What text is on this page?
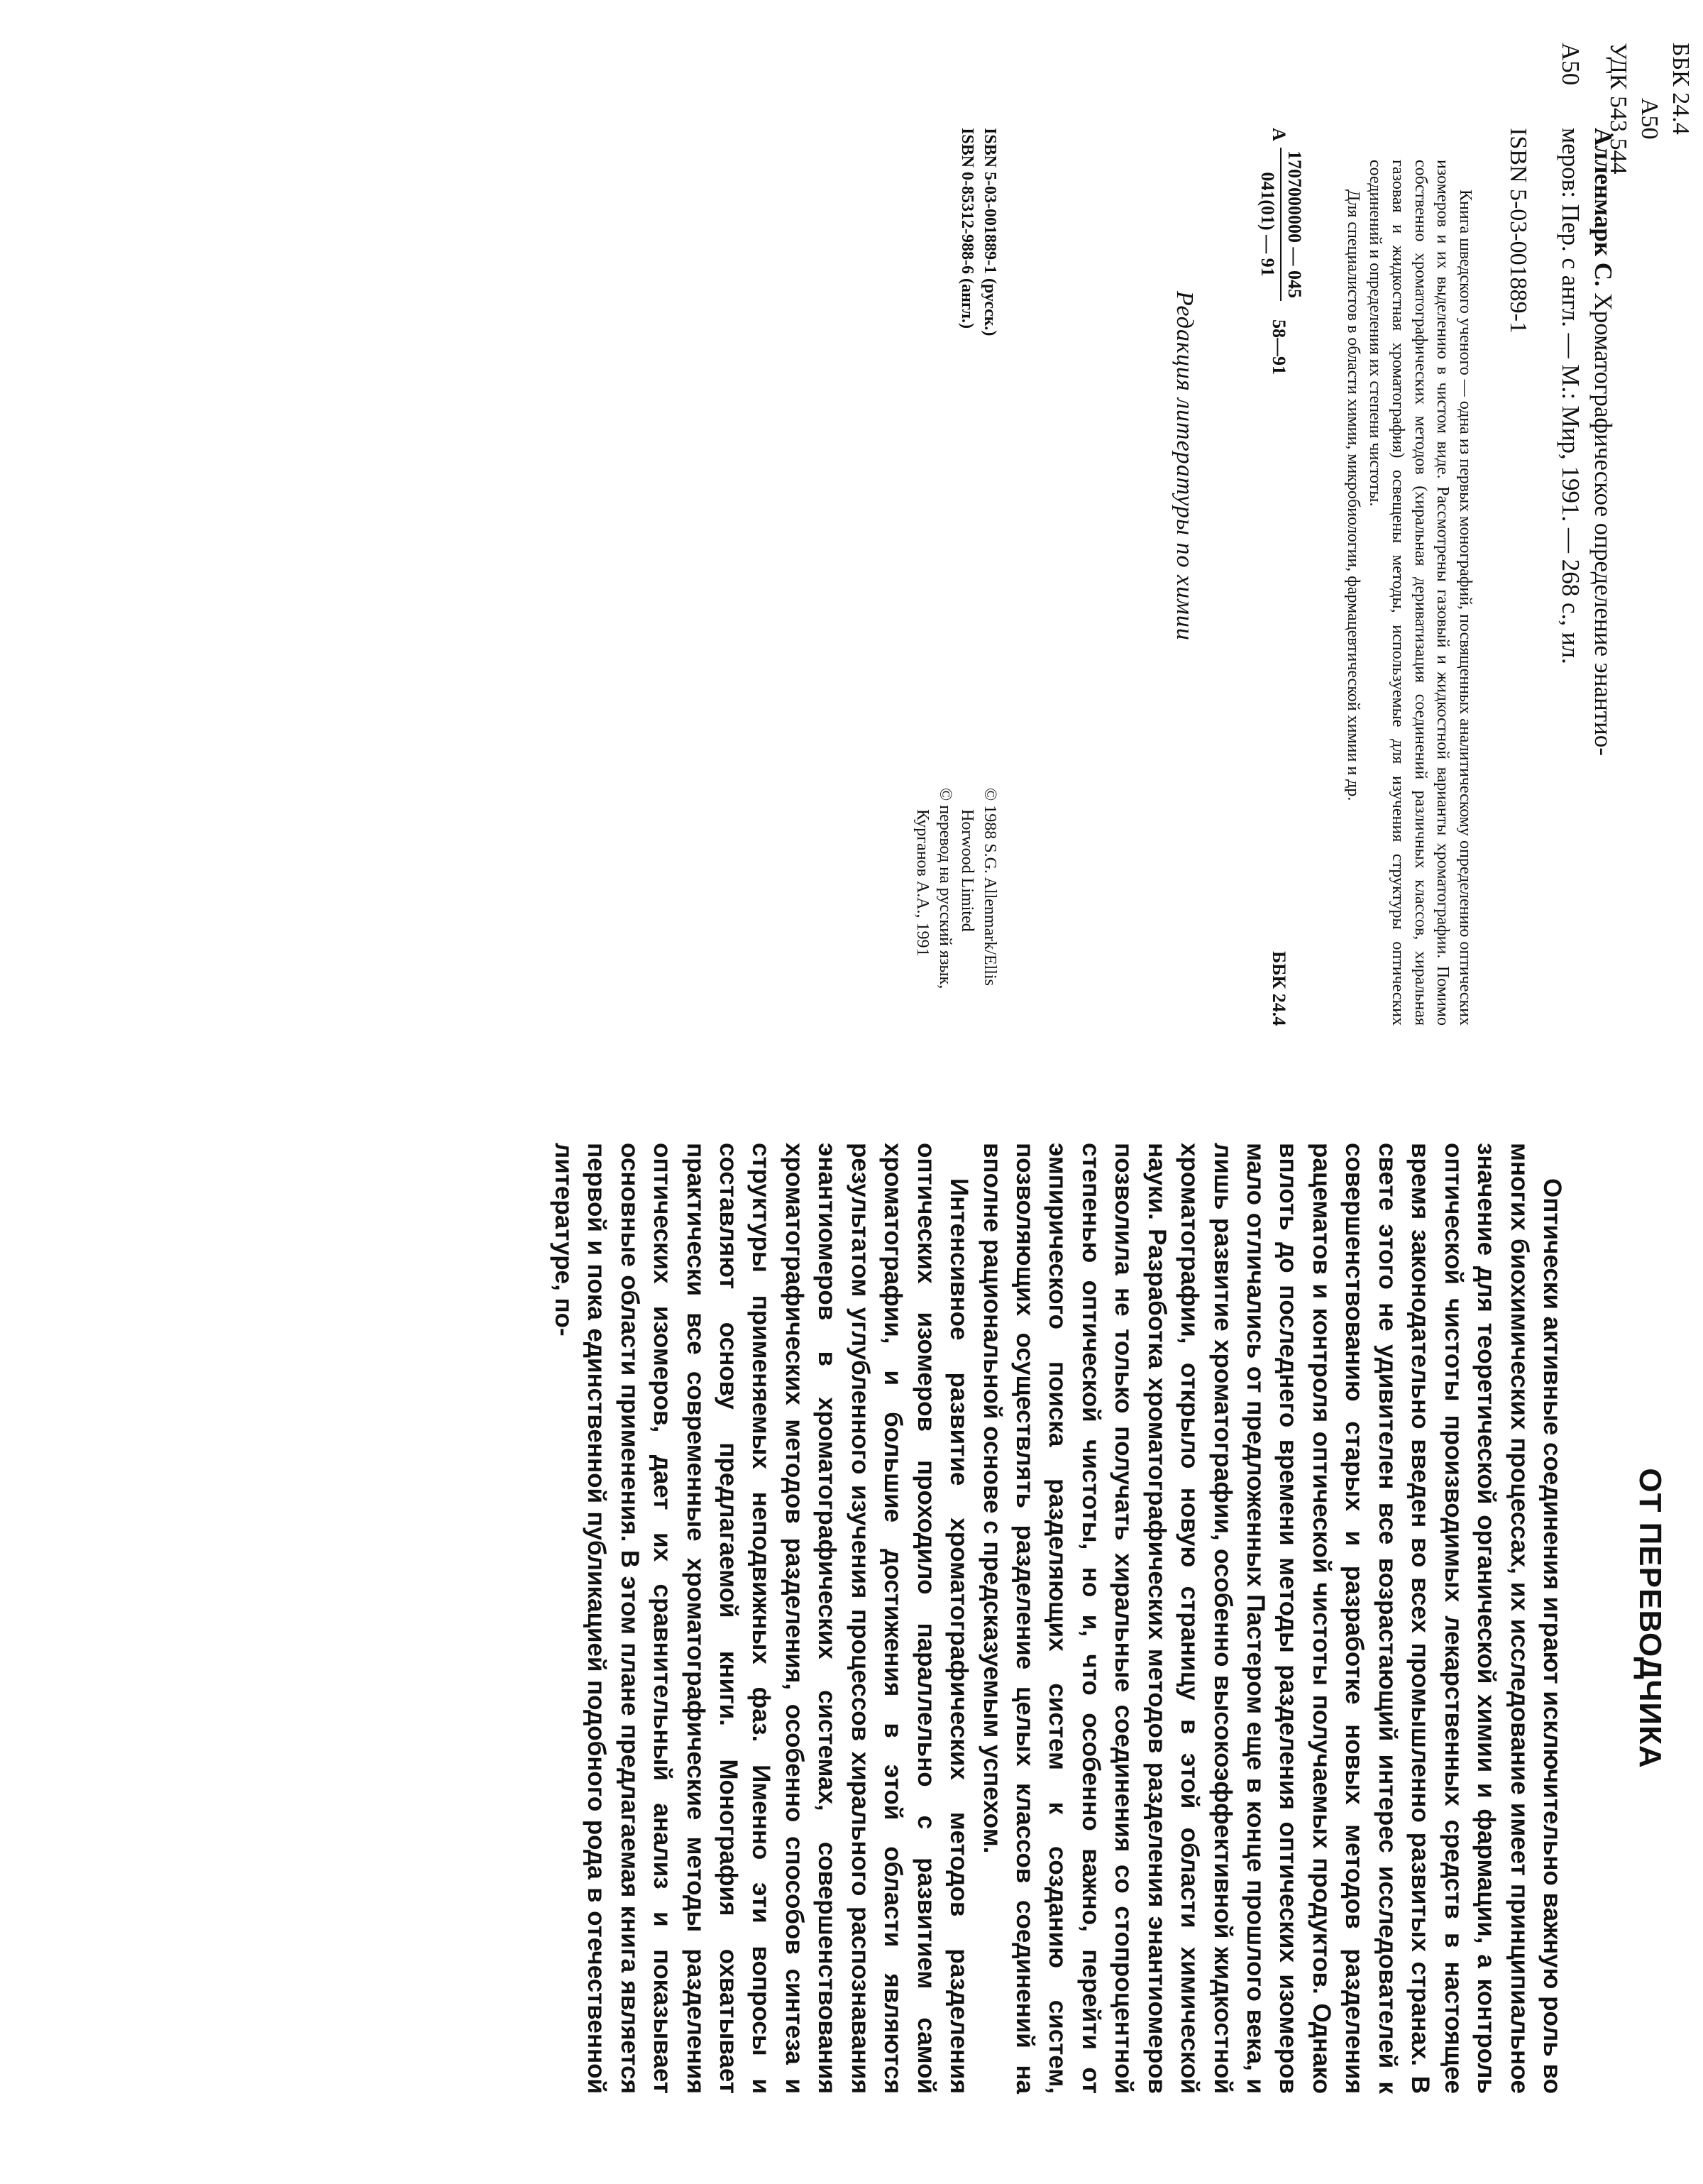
ББК 24.4
А50
УДК 543.544
Алленмарк С. Хроматографическое определение энантио-
А50меров: Пер. с англ. — М.: Мир, 1991. — 268 с., ил.
ISBN 5-03-001889-1

Книга шведского ученого — одна из первых монографий, посвященных аналитическому определению оптических изомеров и их выделению в чистом виде. Рассмотрены газовый и жидкостной варианты хроматографии. Помимо собственно хроматографических методов (хиральная дериватизация соединений различных классов, хиральная газовая и жидкостная хроматография) освещены методы, используемые для изучения структуры оптических соединений и определения их степени чистоты.

Для специалистов в области химии, микробиологии, фармацевтической химии и др.

А
1707000000 — 045
041(01) — 91
58—91
ББК 24.4
Редакция литературы по химии
ISBN 5-03-001889-1 (русск.)
ISBN 0-85312-988-6 (англ.)
© 1988 S.G. Allenmark/Ellis
Horwood Limited
© перевод на русский язык,
Курганов А.А., 1991
ОТ ПЕРЕВОДЧИКА

Оптически активные соединения играют исключительно важную роль во многих биохимических процессах, их исследование имеет принципиальное значение для теоретической органической химии и фармации, а контроль оптической чистоты производимых лекарственных средств в настоящее время законодательно введен во всех промышленно развитых странах. В свете этого не удивителен все возрастающий интерес исследователей к совершенствованию старых и разработке новых методов разделения рацематов и контроля оптической чистоты получаемых продуктов. Однако вплоть до последнего времени методы разделения оптических изомеров мало отличались от предложенных Пастером еще в конце прошлого века, и лишь развитие хроматографии, особенно высокоэффективной жидкостной хроматографии, открыло новую страницу в этой области химической науки. Разработка хроматографических методов разделения энантиомеров позволила не только получать хиральные соединения со стопроцентной степенью оптической чистоты, но и, что особенно важно, перейти от эмпирического поиска разделяющих систем к созданию систем, позволяющих осуществлять разделение целых классов соединений на вполне рациональной основе с предсказуемым успехом.

Интенсивное развитие хроматографических методов разделения оптических изомеров проходило параллельно с развитием самой хроматографии, и большие достижения в этой области являются результатом углубленного изучения процессов хирального распознавания энантиомеров в хроматографических системах, совершенствования хроматографических методов разделения, особенно способов синтеза и структуры применяемых неподвижных фаз. Именно эти вопросы и составляют основу предлагаемой книги. Монография охватывает практически все современные хроматографические методы разделения оптических изомеров, дает их сравнительный анализ и показывает основные области применения. В этом плане предлагаемая книга является первой и пока единственной публикацией подобного рода в отечественной литературе, по-
